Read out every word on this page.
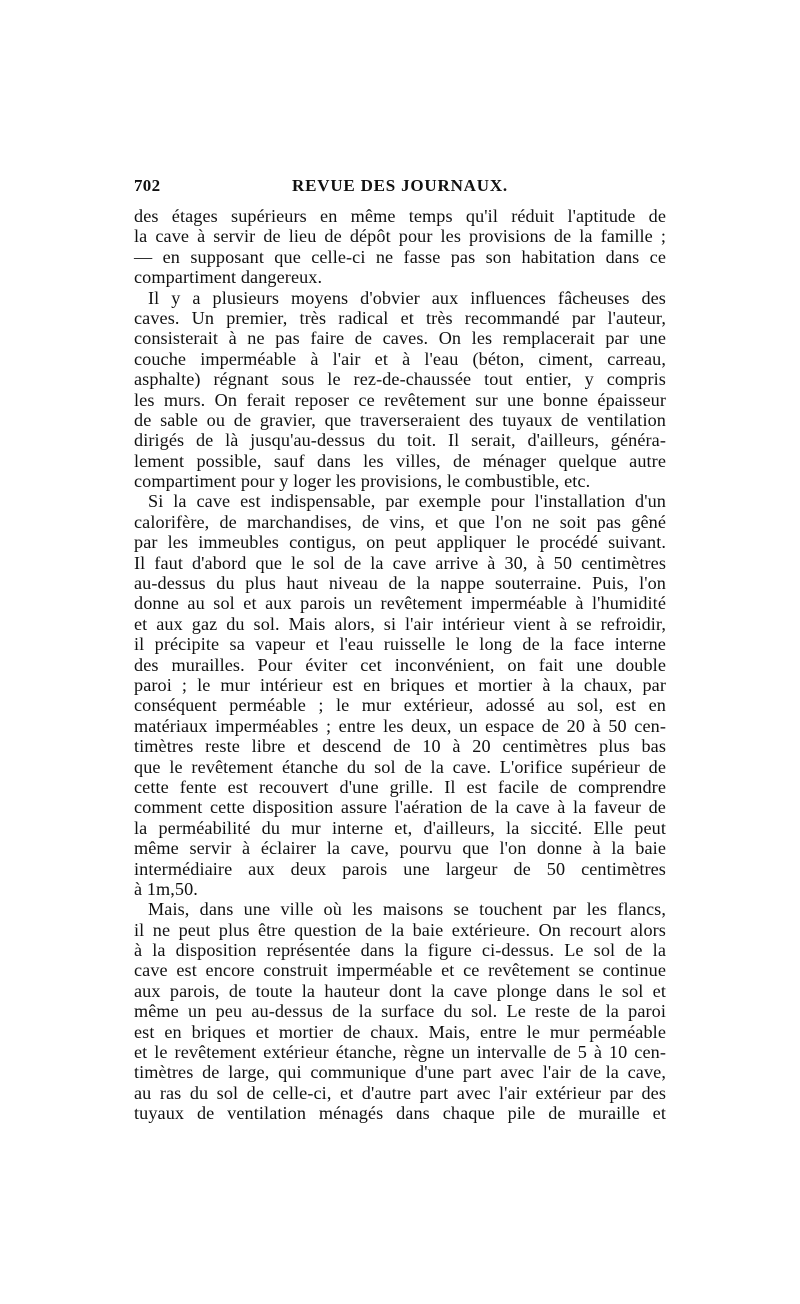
702	REVUE DES JOURNAUX.
des étages supérieurs en même temps qu'il réduit l'aptitude de
la cave à servir de lieu de dépôt pour les provisions de la famille ;
— en supposant que celle-ci ne fasse pas son habitation dans ce
compartiment dangereux.
Il y a plusieurs moyens d'obvier aux influences fâcheuses des
caves. Un premier, très radical et très recommandé par l'auteur,
consisterait à ne pas faire de caves. On les remplacerait par une
couche imperméable à l'air et à l'eau (béton, ciment, carreau,
asphalte) régnant sous le rez-de-chaussée tout entier, y compris
les murs. On ferait reposer ce revêtement sur une bonne épaisseur
de sable ou de gravier, que traverseraient des tuyaux de ventilation
dirigés de là jusqu'au-dessus du toit. Il serait, d'ailleurs, généra-
lement possible, sauf dans les villes, de ménager quelque autre
compartiment pour y loger les provisions, le combustible, etc.
Si la cave est indispensable, par exemple pour l'installation d'un
calorifère, de marchandises, de vins, et que l'on ne soit pas gêné
par les immeubles contigus, on peut appliquer le procédé suivant.
Il faut d'abord que le sol de la cave arrive à 30, à 50 centimètres
au-dessus du plus haut niveau de la nappe souterraine. Puis, l'on
donne au sol et aux parois un revêtement imperméable à l'humidité
et aux gaz du sol. Mais alors, si l'air intérieur vient à se refroidir,
il précipite sa vapeur et l'eau ruisselle le long de la face interne
des murailles. Pour éviter cet inconvénient, on fait une double
paroi ; le mur intérieur est en briques et mortier à la chaux, par
conséquent perméable ; le mur extérieur, adossé au sol, est en
matériaux imperméables ; entre les deux, un espace de 20 à 50 cen-
timètres reste libre et descend de 10 à 20 centimètres plus bas
que le revêtement étanche du sol de la cave. L'orifice supérieur de
cette fente est recouvert d'une grille. Il est facile de comprendre
comment cette disposition assure l'aération de la cave à la faveur de
la perméabilité du mur interne et, d'ailleurs, la siccité. Elle peut
même servir à éclairer la cave, pourvu que l'on donne à la baie
intermédiaire aux deux parois une largeur de 50 centimètres
à 1m,50.
Mais, dans une ville où les maisons se touchent par les flancs,
il ne peut plus être question de la baie extérieure. On recourt alors
à la disposition représentée dans la figure ci-dessus. Le sol de la
cave est encore construit imperméable et ce revêtement se continue
aux parois, de toute la hauteur dont la cave plonge dans le sol et
même un peu au-dessus de la surface du sol. Le reste de la paroi
est en briques et mortier de chaux. Mais, entre le mur perméable
et le revêtement extérieur étanche, règne un intervalle de 5 à 10 cen-
timètres de large, qui communique d'une part avec l'air de la cave,
au ras du sol de celle-ci, et d'autre part avec l'air extérieur par des
tuyaux de ventilation ménagés dans chaque pile de muraille et
